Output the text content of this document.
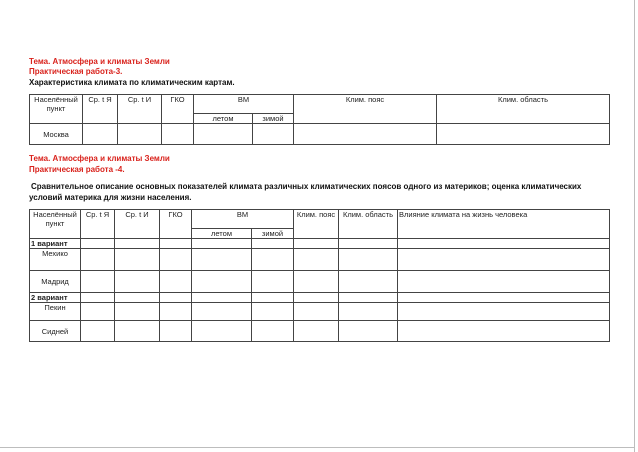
Тема. Атмосфера и климаты Земли
Практическая работа-3.
Характеристика климата по климатическим картам.
Населённый пункт	Ср. t Я	Ср. t И	ГКО	ВМ		Клим. пояс	Клим. область
				летом	зимой		
Москва							
Тема. Атмосфера и климаты Земли
Практическая работа -4.
Сравнительное описание основных показателей климата различных климатических поясов одного из материков; оценка климатических
условий материка для жизни населения.
Населённый пункт	Ср. t Я	Ср. t И	ГКО	ВМ		Клим. пояс	Клим. область	Влияние климата на жизнь человека
				летом	зимой			
1 вариант								
Мехико								
Мадрид								
2 вариант								
Пекин								
Сидней								
